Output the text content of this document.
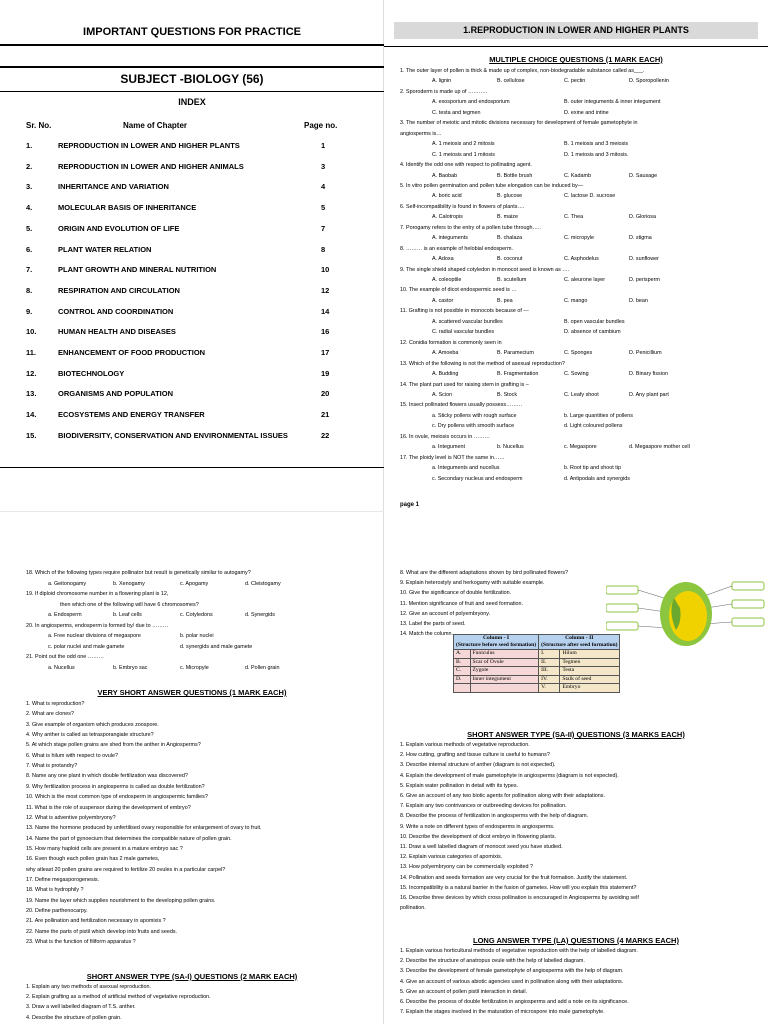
IMPORTANT QUESTIONS FOR PRACTICE
SUBJECT -BIOLOGY (56)
INDEX
Sr. No.	Name of Chapter	Page no.
1.	REPRODUCTION IN LOWER AND HIGHER PLANTS	1
2.	REPRODUCTION IN LOWER AND HIGHER ANIMALS	3
3.	INHERITANCE AND VARIATION	4
4.	MOLECULAR BASIS OF INHERITANCE	5
5.	ORIGIN AND EVOLUTION OF LIFE	7
6.	PLANT WATER RELATION	8
7.	PLANT GROWTH AND MINERAL NUTRITION	10
8.	RESPIRATION AND CIRCULATION	12
9.	CONTROL AND COORDINATION	14
10.	HUMAN HEALTH AND DISEASES	16
11.	ENHANCEMENT OF FOOD PRODUCTION	17
12.	BIOTECHNOLOGY	19
13.	ORGANISMS AND POPULATION	20
14.	ECOSYSTEMS AND ENERGY TRANSFER	21
15.	BIODIVERSITY, CONSERVATION AND ENVIRONMENTAL ISSUES	22
1.REPRODUCTION IN LOWER AND HIGHER PLANTS
MULTIPLE CHOICE QUESTIONS (1 MARK EACH)
1. The outer layer of pollen is thick & made up of complex, non-biodegradable substance called as___.
A. lignin	B. cellulose	C. pectin	D. Sporopollenin
2. Sporoderm is made up of ………..
A. exosporium and endosporium	B. outer integuments & inner integument
C. testa and tegmen	D. exine and intine
3. The number of meiotic and mitotic divisions necessary for development of female gametophyte in
angiosperms is…
A. 1 meiosis and 2 mitosis	B. 1 meiosis and 3 meiosis
C. 1 meiosis and 1 mitosis	D. 1 meiosis and 3 mitosis.
4. Identify the odd one with respect to pollinating agent.
A. Baobab	B. Bottle brush	C. Kadamb	D. Sausage
5. In vitro pollen germination and pollen tube elongation can be induced by—
A. boric acid	B. glucose	C. lactose D. sucrose
6. Self-incompatibility is found in flowers of plants….
A. Calotropis	B. maize	C. Thea	D. Gloriosa
7. Porogamy refers to the entry of a pollen tube through…..
A. integuments	B. chalaza	C. micropyle	D. stigma
8. ……… is an example of helobial endosperm.
A. Adoxa	B. coconut	C. Asphodelus	D. sunflower
9. The single shield shaped cotyledon in monocot seed is known as ….
A. coleoptile	B. scutellum	C. aleurone layer	D. perisperm
10. The example of dicot endospermic seed is …
A. castor	B. pea	C. mango	D. bean
11. Grafting is not possible in monocots because of ---
A. scattered vascular bundles	B. open vascular bundles
C. radial vascular bundles	D. absence of cambium
12. Conidia formation is commonly seen in
A. Amoeba	B. Paramecium	C. Sponges	D. Penicillium
13. Which of the following is not the method of asexual reproduction?
A. Budding	B. Fragmentation	C. Sowing	D. Binary fission
14. The plant part used for raising stem in grafting is –
A. Scion	B. Stock	C. Leafy shoot	D. Any plant part
15. Insect pollinated flowers usually possess………
a. Sticky pollens with rough surface	b. Large quantities of pollens
c. Dry pollens with smooth surface	d. Light coloured pollens
16. In ovule, meiosis occurs in ………
a. Integument	b. Nucellus	c. Megaspore	d. Megaspore mother cell
17. The ploidy level is NOT the same in……
a. Integuments and nucellus	b. Root tip and shoot tip
c. Secondary nucleus and endosperm	d. Antipodals and synergids
page 1
18. Which of the following types require pollinator but result is genetically similar to autogamy?
a. Geitonogamy	b. Xenogamy	c. Apogamy	d. Cleistogamy
19. If diploid chromosome number in a flowering plant is 12,
then which one of the following will have 6 chromosomes?
a. Endosperm	b. Leaf cells	c. Cotyledons	d. Synergids
20. In angiosperms, endosperm is formed by/ due to ………
a. Free nuclear divisions of megaspore	b. polar nuclei
c. polar nuclei and male gamete	d. synergids and male gamete
21. Point out the odd one ………
a. Nucellus	b. Embryo sac	c. Micropyle	d. Pollen grain
VERY SHORT ANSWER QUESTIONS (1 MARK EACH)
1. What is reproduction?
2. What are clones?
3. Give example of organism which produces zoospore.
4. Why anther is called as tetrasporangiate structure?
5. At which stage pollen grains are shed from the anther in Angiosperms?
6. What is hilum with respect to ovule?
7. What is protandry?
8. Name any one plant in which double fertilization was discovered?
9. Why fertilization process in angiosperms is called as double fertilization?
10. Which is the most common type of endosperm in angiospermic families?
11. What is the role of suspensor during the development of embryo?
12. What is adventive polyembryony?
13. Name the hormone produced by unfertilised ovary responsible for enlargement of ovary to fruit.
14. Name the part of gynoecium that determines the compatible nature of pollen grain.
15. How many haploid cells are present in a mature embryo sac ?
16. Even though each pollen grain has 2 male gametes,
why atleast 20 pollen grains are required to fertilize 20 ovules in a particular carpel?
17. Define megasporogenesis.
18. What is hydrophily ?
19. Name the layer which supplies nourishment to the developing pollen grains.
20. Define parthenocarpy.
21. Are pollination and fertilization necessary in apomixis ?
22. Name the parts of pistil which develop into fruits and seeds.
23. What is the function of filiform apparatus ?
SHORT ANSWER TYPE (SA-I) QUESTIONS (2 MARK EACH)
1. Explain any two methods of asexual reproduction.
2. Explain grafting as a method of artificial method of vegetative reproduction.
3. Draw a well labelled diagram of T.S. anther.
4. Describe the structure of pollen grain.
8. What are the different adaptations shown by bird pollinated flowers?
9. Explain heterostyly and herkogamy with suitable example.
10. Give the significance of double fertilization.
11. Mention significance of fruit and seed formation.
12. Give an account of polyembryony.
13. Label the parts of seed.
14. Match the column.
Column - I
(Structure before seed formation)		Column - II
(Structure after seed formation)	
A.	Funiculus	I.	Hilum
B.	Scar of Ovule	II.	Tegmen
C.	Zygote	III.	Testa
D.	Inner integument	IV.	Stalk of seed
		V.	Embryo
SHORT ANSWER TYPE (SA-II) QUESTIONS (3 MARKS EACH)
1. Explain various methods of vegetative reproduction.
2. How cutting, grafting and tissue culture is useful to humans?
3. Describe internal structure of anther (diagram is not expected).
4. Explain the development of male gametophyte in angiosperms (diagram is not expected).
5. Explain water pollination in detail with its types.
6. Give an account of any two biotic agents for pollination along with their adaptations.
7. Explain any two contrivances or outbreeding devices for pollination.
8. Describe the process of fertilization in angiosperms with the help of diagram.
9. Write a note on different types of endosperms in angiosperms.
10. Describe the development of dicot embryo in flowering plants.
11. Draw a well labelled diagram of monocot seed you have studied.
12. Explain various categories of apomixis.
13. How polyembryony can be commercially exploited ?
14. Pollination and seeds formation are very crucial for the fruit formation. Justify the statement.
15. Incompatibility is a natural barrier in the fusion of gametes. How will you explain this statement?
16. Describe three devices by which cross pollination is encouraged in Angiosperms by avoiding self
pollination.
LONG ANSWER TYPE (LA) QUESTIONS (4 MARKS EACH)
1. Explain various horticultural methods of vegetative reproduction with the help of labelled diagram.
2. Describe the structure of anatropus ovule with the help of labelled diagram.
3. Describe the development of female gametophyte of angiosperms with the help of diagram.
4. Give an account of various abiotic agencies used in pollination along with their adaptations.
5. Give an account of pollen pistil interaction in detail.
6. Describe the process of double fertilization in angiosperms and add a note on its significance.
7. Explain the stages involved in the maturation of microspore into male gametophyte.
